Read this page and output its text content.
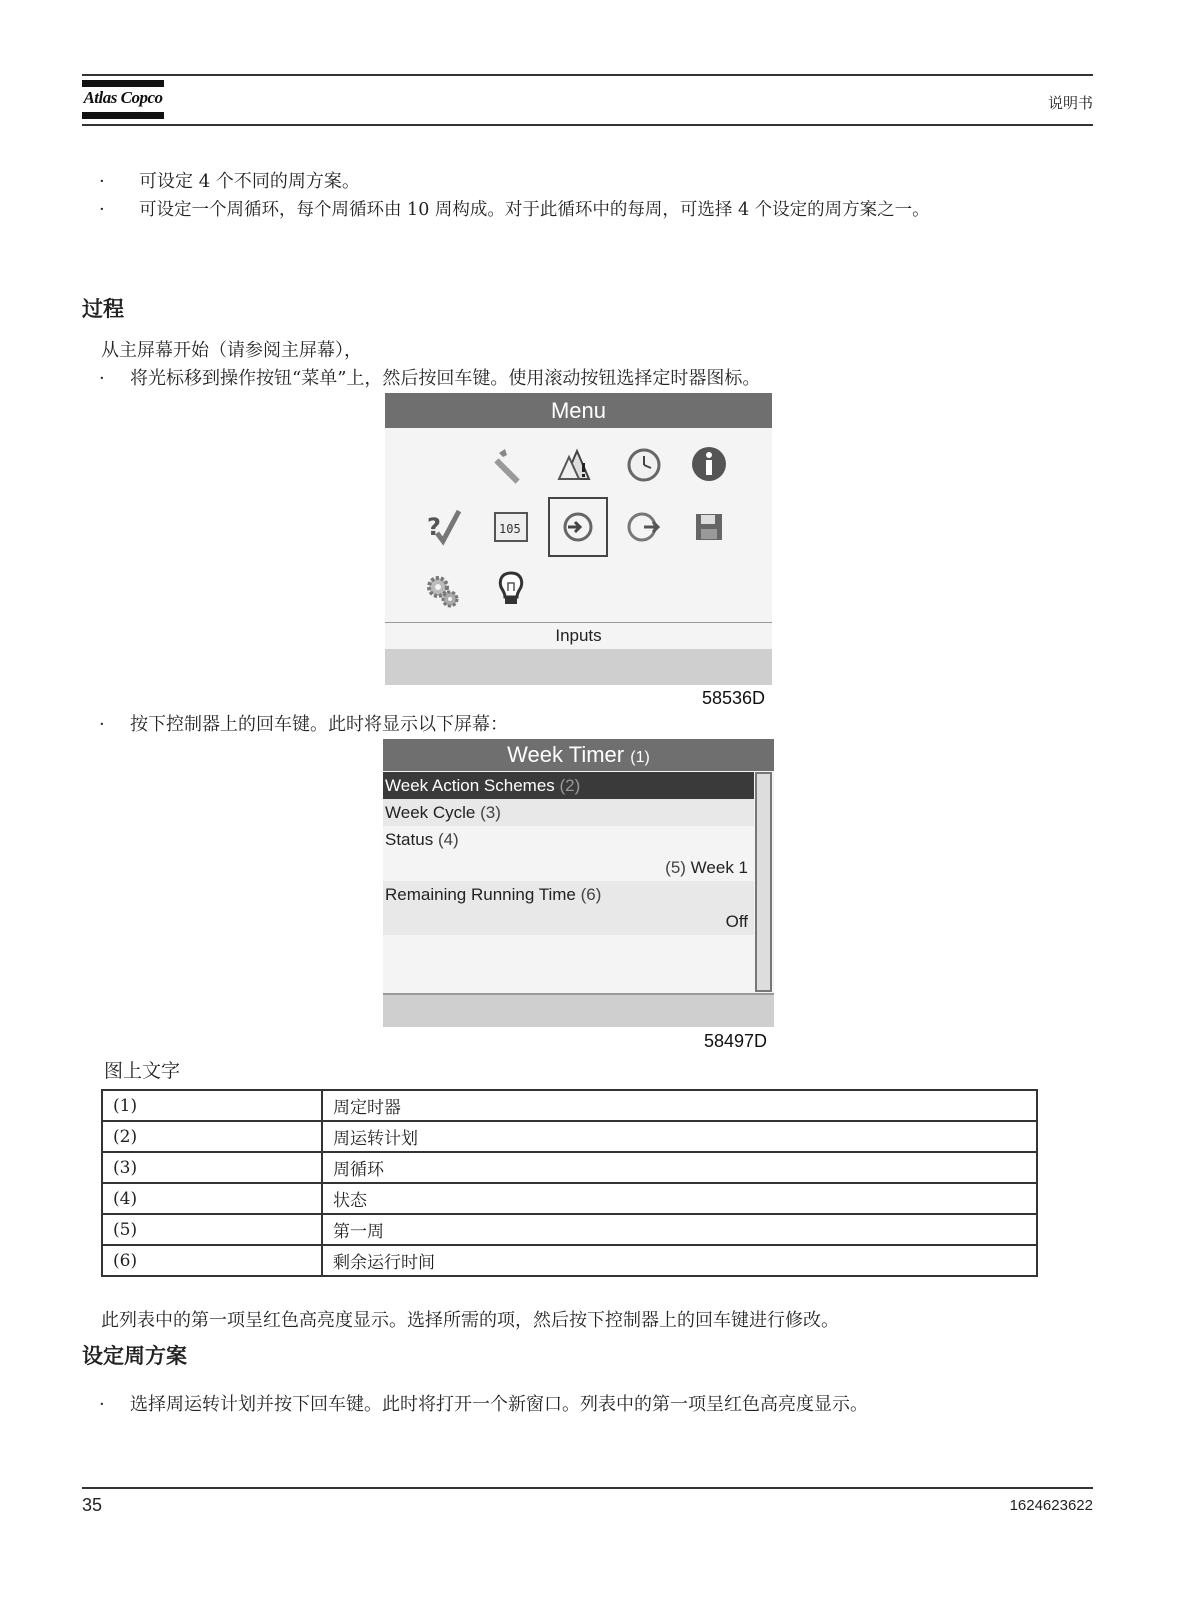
Atlas Copco	说明书
· 可设定 4 个不同的周方案。
· 可设定一个周循环，每个周循环由 10 周构成。对于此循环中的每周，可选择 4 个设定的周方案之一。
过程
从主屏幕开始（请参阅主屏幕），
· 将光标移到操作按钮“菜单”上，然后按回车键。使用滚动按钮选择定时器图标。
Menu
?	105
Inputs
58536D
· 按下控制器上的回车键。此时将显示以下屏幕：
Week Timer (1)
Week Action Schemes (2)
Week Cycle (3)
Status (4)
(5) Week 1
Remaining Running Time (6)
Off
58497D
图上文字
(1)	周定时器
(2)	周运转计划
(3)	周循环
(4)	状态
(5)	第一周
(6)	剩余运行时间
此列表中的第一项呈红色高亮度显示。选择所需的项，然后按下控制器上的回车键进行修改。
设定周方案
· 选择周运转计划并按下回车键。此时将打开一个新窗口。列表中的第一项呈红色高亮度显示。
35	1624623622
